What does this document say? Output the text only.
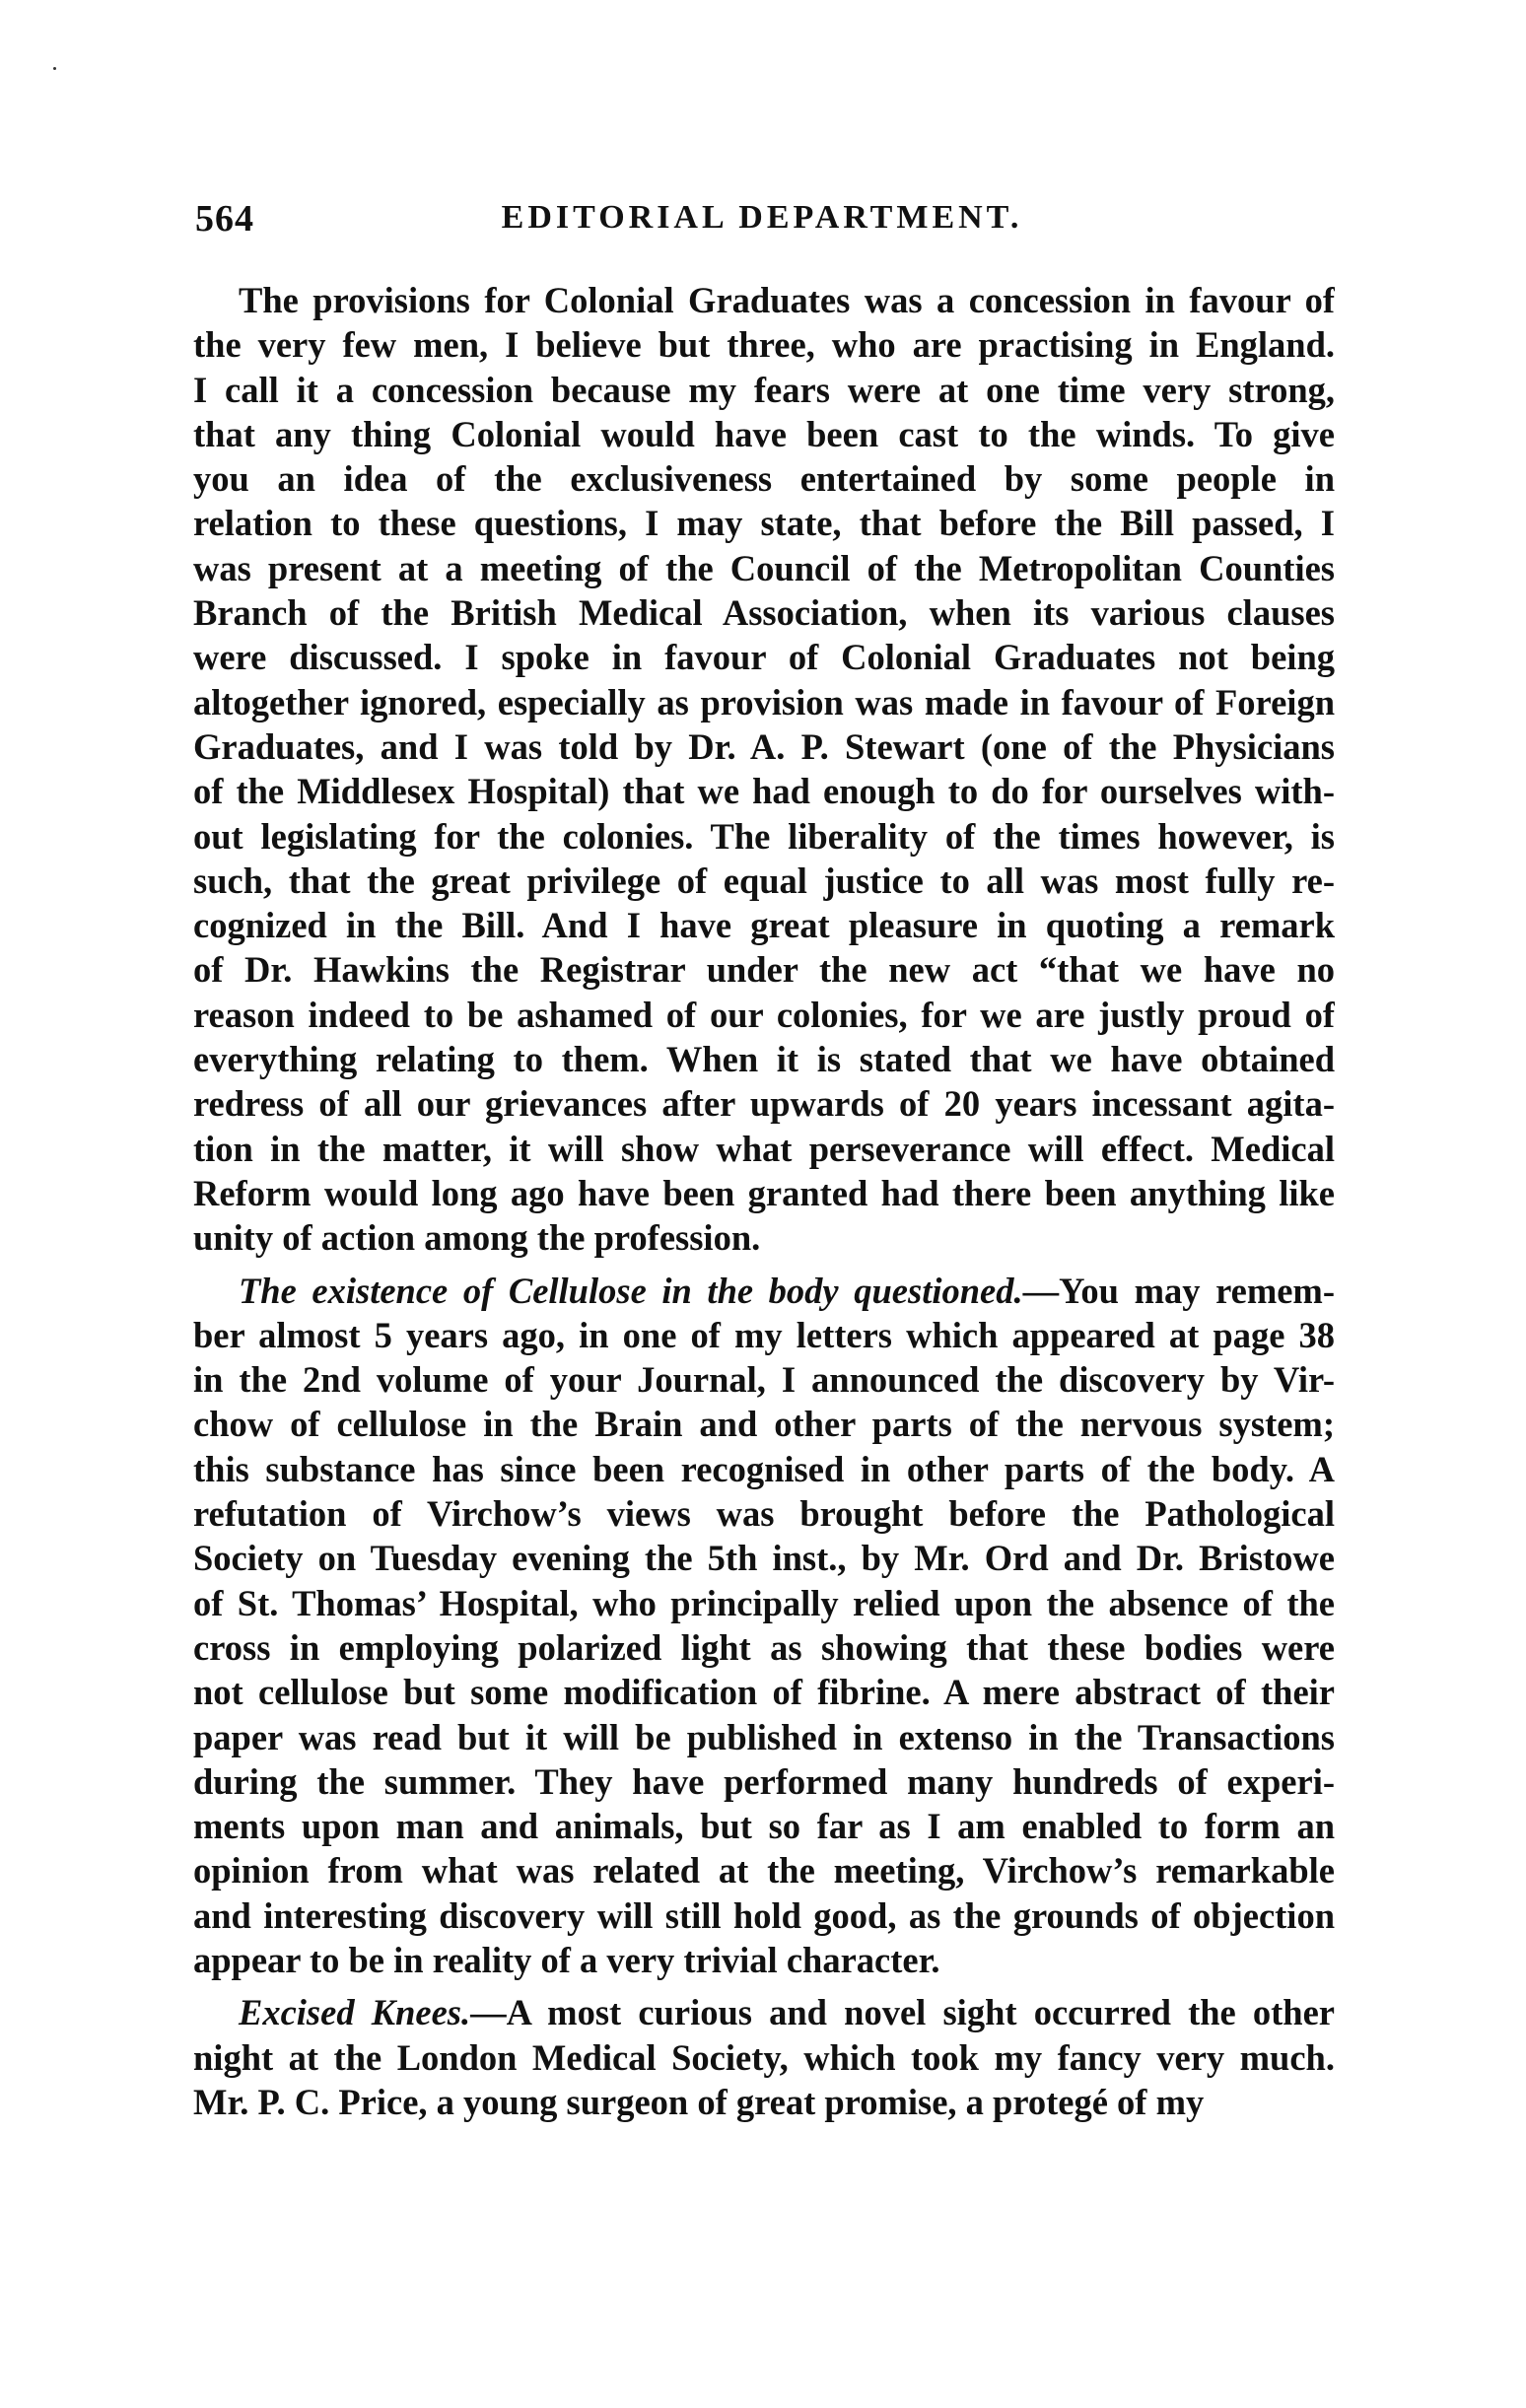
564	EDITORIAL DEPARTMENT.
The provisions for Colonial Graduates was a concession in favour of
the very few men, I believe but three, who are practising in England.
I call it a concession because my fears were at one time very strong,
that any thing Colonial would have been cast to the winds. To give
you an idea of the exclusiveness entertained by some people in
relation to these questions, I may state, that before the Bill passed, I
was present at a meeting of the Council of the Metropolitan Counties
Branch of the British Medical Association, when its various clauses
were discussed. I spoke in favour of Colonial Graduates not being
altogether ignored, especially as provision was made in favour of Foreign
Graduates, and I was told by Dr. A. P. Stewart (one of the Physicians
of the Middlesex Hospital) that we had enough to do for ourselves with-
out legislating for the colonies. The liberality of the times however, is
such, that the great privilege of equal justice to all was most fully re-
cognized in the Bill. And I have great pleasure in quoting a remark
of Dr. Hawkins the Registrar under the new act “that we have no
reason indeed to be ashamed of our colonies, for we are justly proud of
everything relating to them. When it is stated that we have obtained
redress of all our grievances after upwards of 20 years incessant agita-
tion in the matter, it will show what perseverance will effect. Medical
Reform would long ago have been granted had there been anything like
unity of action among the profession.
The existence of Cellulose in the body questioned.—You may remem-
ber almost 5 years ago, in one of my letters which appeared at page 38
in the 2nd volume of your Journal, I announced the discovery by Vir-
chow of cellulose in the Brain and other parts of the nervous system;
this substance has since been recognised in other parts of the body. A
refutation of Virchow’s views was brought before the Pathological
Society on Tuesday evening the 5th inst., by Mr. Ord and Dr. Bristowe
of St. Thomas’ Hospital, who principally relied upon the absence of the
cross in employing polarized light as showing that these bodies were
not cellulose but some modification of fibrine. A mere abstract of their
paper was read but it will be published in extenso in the Transactions
during the summer. They have performed many hundreds of experi-
ments upon man and animals, but so far as I am enabled to form an
opinion from what was related at the meeting, Virchow’s remarkable
and interesting discovery will still hold good, as the grounds of objection
appear to be in reality of a very trivial character.
Excised Knees.—A most curious and novel sight occurred the other
night at the London Medical Society, which took my fancy very much.
Mr. P. C. Price, a young surgeon of great promise, a protegé of my
